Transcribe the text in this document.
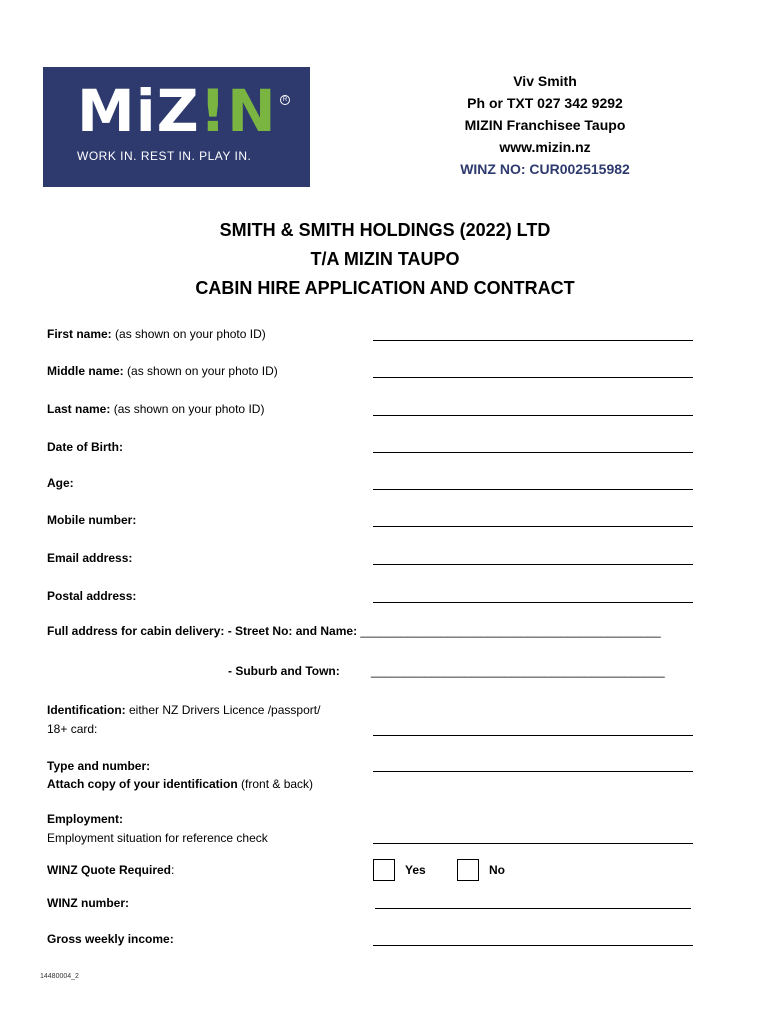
MiZ!N	R
WORK IN. REST IN. PLAY IN.
Viv Smith
Ph or TXT 027 342 9292
MIZIN Franchisee Taupo
www.mizin.nz
WINZ NO: CUR002515982
SMITH & SMITH HOLDINGS (2022) LTD
T/A MIZIN TAUPO
CABIN HIRE APPLICATION AND CONTRACT
First name: (as shown on your photo ID)
Middle name: (as shown on your photo ID)
Last name: (as shown on your photo ID)
Date of Birth:
Age:
Mobile number:
Email address:
Postal address:
Full address for cabin delivery: - Street No: and Name: _____________________________________________
- Suburb and Town:	____________________________________________
Identification: either NZ Drivers Licence /passport/
18+ card:
Type and number:
Attach copy of your identification (front & back)
Employment:
Employment situation for reference check
WINZ Quote Required:	Yes	No
WINZ number:
Gross weekly income:
14480004_2
